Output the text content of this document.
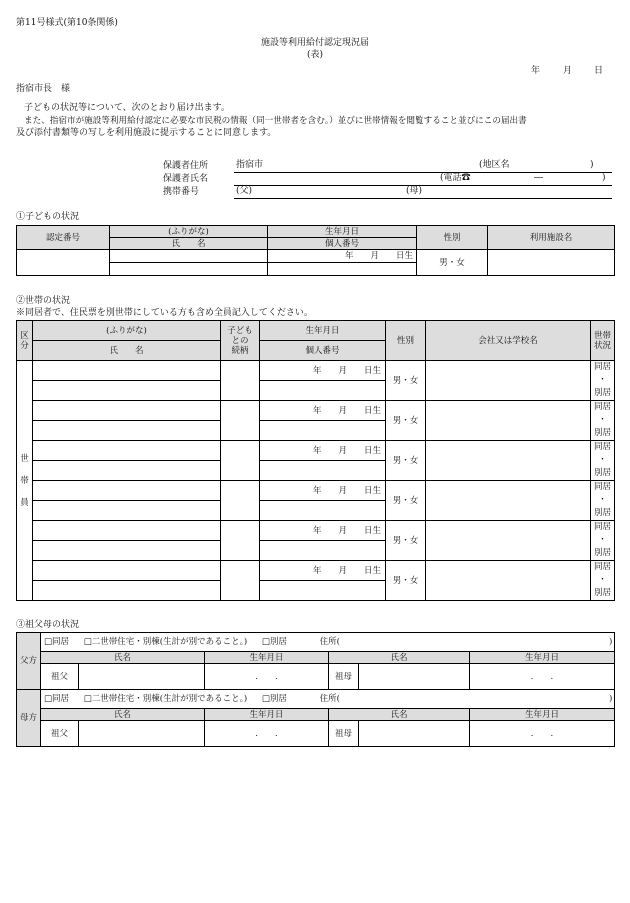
第11号様式(第10条関係)
施設等利用給付認定現況届
(表)
年	月 日
指宿市長　様
子どもの状況等について、次のとおり届け出ます。
また、指宿市が施設等利用給付認定に必要な市民税の情報（同一世帯者を含む。）並びに世帯情報を閲覧すること並びにこの届出書
及び添付書類等の写しを利用施設に提示することに同意します。
保護者住所	指宿市	(地区名	)
保護者氏名	(電話☎	―	)
携帯番号	(父)	(母)
①子どもの状況
認定番号	(ふりがな)	生年月日	性別	利用施設名
	氏　　名	個人番号		
		年　　月　　日生	男・女	

②世帯の状況
※同居者で、住民票を別世帯にしている方も含め全員記入してください。
区
分	(ふりがな)	子ども
との
続柄	生年月日	性別	会社又は学校名	世帯
状況

	氏　　名		個人番号			

世
帯
員			年　　月　　日生	男・女		同居
・
別居

			年　　月　　日生	男・女		同居
・
別居

			年　　月　　日生	男・女		同居
・
別居

			年　　月　　日生	男・女		同居
・
別居

			年　　月　　日生	男・女		同居
・
別居

			年　　月　　日生	男・女		同居
・
別居

③祖父母の状況
父方	□同居 □二世帯住宅・別棟(生計が別であること。) □別居 住所( )					

	氏名		生年月日	氏名		生年月日
	祖父		.　　.	祖母		.　　.
母方	□同居 □二世帯住宅・別棟(生計が別であること。) □別居 住所( )					

	氏名		生年月日	氏名		生年月日
	祖父		.　　.	祖母		.　　.
